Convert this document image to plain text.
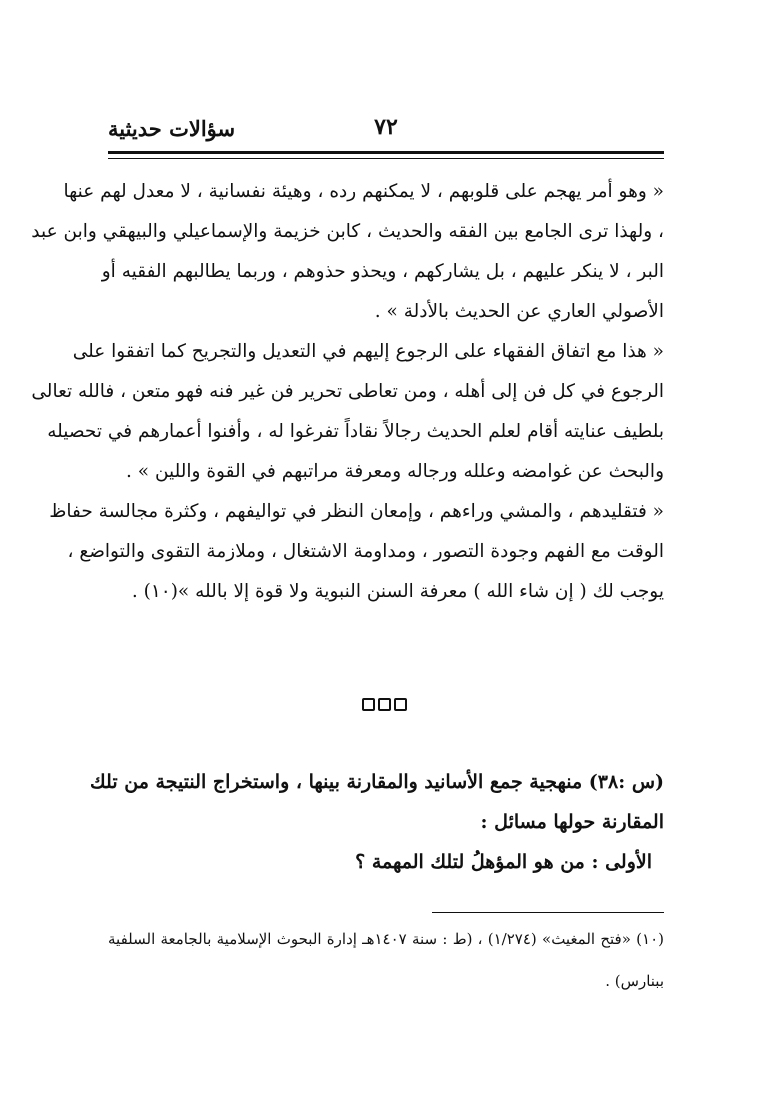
٧٢
سؤالات حديثية
« وهو أمر يهجم على قلوبهم ، لا يمكنهم رده ، وهيئة نفسانية ، لا معدل لهم عنها
، ولهذا ترى الجامع بين الفقه والحديث ، كابن خزيمة والإسماعيلي والبيهقي وابن عبد
البر ، لا ينكر عليهم ، بل يشاركهم ، ويحذو حذوهم ، وربما يطالبهم الفقيه أو
الأصولي العاري عن الحديث بالأدلة » .
« هذا مع اتفاق الفقهاء على الرجوع إليهم في التعديل والتجريح كما اتفقوا على
الرجوع في كل فن إلى أهله ، ومن تعاطى تحرير فن غير فنه فهو متعن ، فالله تعالى
بلطيف عنايته أقام لعلم الحديث رجالاً نقاداً تفرغوا له ، وأفنوا أعمارهم في تحصيله
والبحث عن غوامضه وعلله ورجاله ومعرفة مراتبهم في القوة واللين » .
« فتقليدهم ، والمشي وراءهم ، وإمعان النظر في تواليفهم ، وكثرة مجالسة حفاظ
الوقت مع الفهم وجودة التصور ، ومداومة الاشتغال ، وملازمة التقوى والتواضع ،
يوجب لك ( إن شاء الله ) معرفة السنن النبوية ولا قوة إلا بالله »(١٠) .
(س :٣٨) منهجية جمع الأسانيد والمقارنة بينها ، واستخراج النتيجة من تلك
المقارنة حولها مسائل :
الأولى : من هو المؤهلُ لتلك المهمة ؟
(١٠) «فتح المغيث» (١/٢٧٤) ، (ط : سنة ١٤٠٧هـ إدارة البحوث الإسلامية بالجامعة السلفية
ببنارس) .
